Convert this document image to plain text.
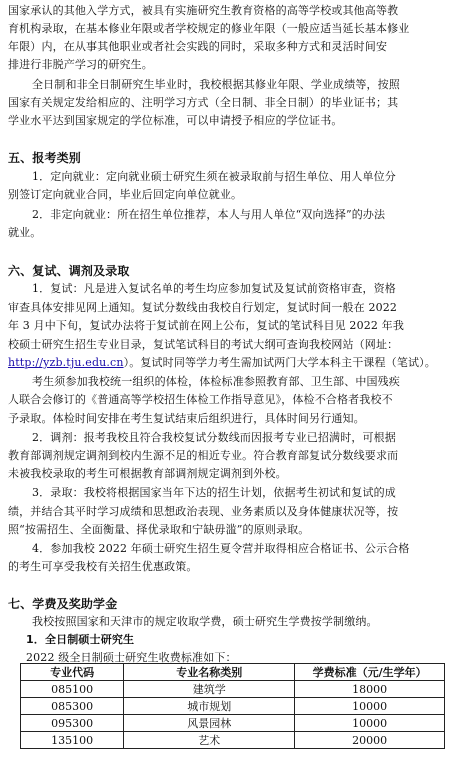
国家承认的其他入学方式，被具有实施研究生教育资格的高等学校或其他高等教
育机构录取，在基本修业年限或者学校规定的修业年限（一般应适当延长基本修业
年限）内，在从事其他职业或者社会实践的同时，采取多种方式和灵活时间安
排进行非脱产学习的研究生。
全日制和非全日制研究生毕业时，我校根据其修业年限、学业成绩等，按照
国家有关规定发给相应的、注明学习方式（全日制、非全日制）的毕业证书；其
学业水平达到国家规定的学位标准，可以申请授予相应的学位证书。
五、报考类别
1．定向就业：定向就业硕士研究生须在被录取前与招生单位、用人单位分
别签订定向就业合同，毕业后回定向单位就业。
2．非定向就业：所在招生单位推荐，本人与用人单位“双向选择”的办法
就业。
六、复试、调剂及录取
1．复试：凡是进入复试名单的考生均应参加复试及复试前资格审查，资格
审查具体安排见网上通知。复试分数线由我校自行划定，复试时间一般在 2022
年 3 月中下旬，复试办法将于复试前在网上公布，复试的笔试科目见 2022 年我
校硕士研究生招生专业目录，复试笔试科目的考试大纲可查询我校网站（网址：
http://yzb.tju.edu.cn）。复试时同等学力考生需加试两门大学本科主干课程（笔试）。
考生须参加我校统一组织的体检，体检标准参照教育部、卫生部、中国残疾
人联合会修订的《普通高等学校招生体检工作指导意见》，体检不合格者我校不
予录取。体检时间安排在考生复试结束后组织进行，具体时间另行通知。
2．调剂：报考我校且符合我校复试分数线而因报考专业已招满时，可根据
教育部调剂规定调剂到校内生源不足的相近专业。符合教育部复试分数线要求而
未被我校录取的考生可根据教育部调剂规定调剂到外校。
3．录取：我校将根据国家当年下达的招生计划，依据考生初试和复试的成
绩，并结合其平时学习成绩和思想政治表现、业务素质以及身体健康状况等，按
照“按需招生、全面衡量、择优录取和宁缺毋滥”的原则录取。
4．参加我校 2022 年硕士研究生招生夏令营并取得相应合格证书、公示合格
的考生可享受我校有关招生优惠政策。
七、学费及奖助学金
我校按照国家和天津市的规定收取学费，硕士研究生学费按学制缴纳。
1．全日制硕士研究生
2022 级全日制硕士研究生收费标准如下：
专业代码	专业名称类别	学费标准（元/生学年）
085100	建筑学	18000
085300	城市规划	10000
095300	风景园林	10000
135100	艺术	20000
